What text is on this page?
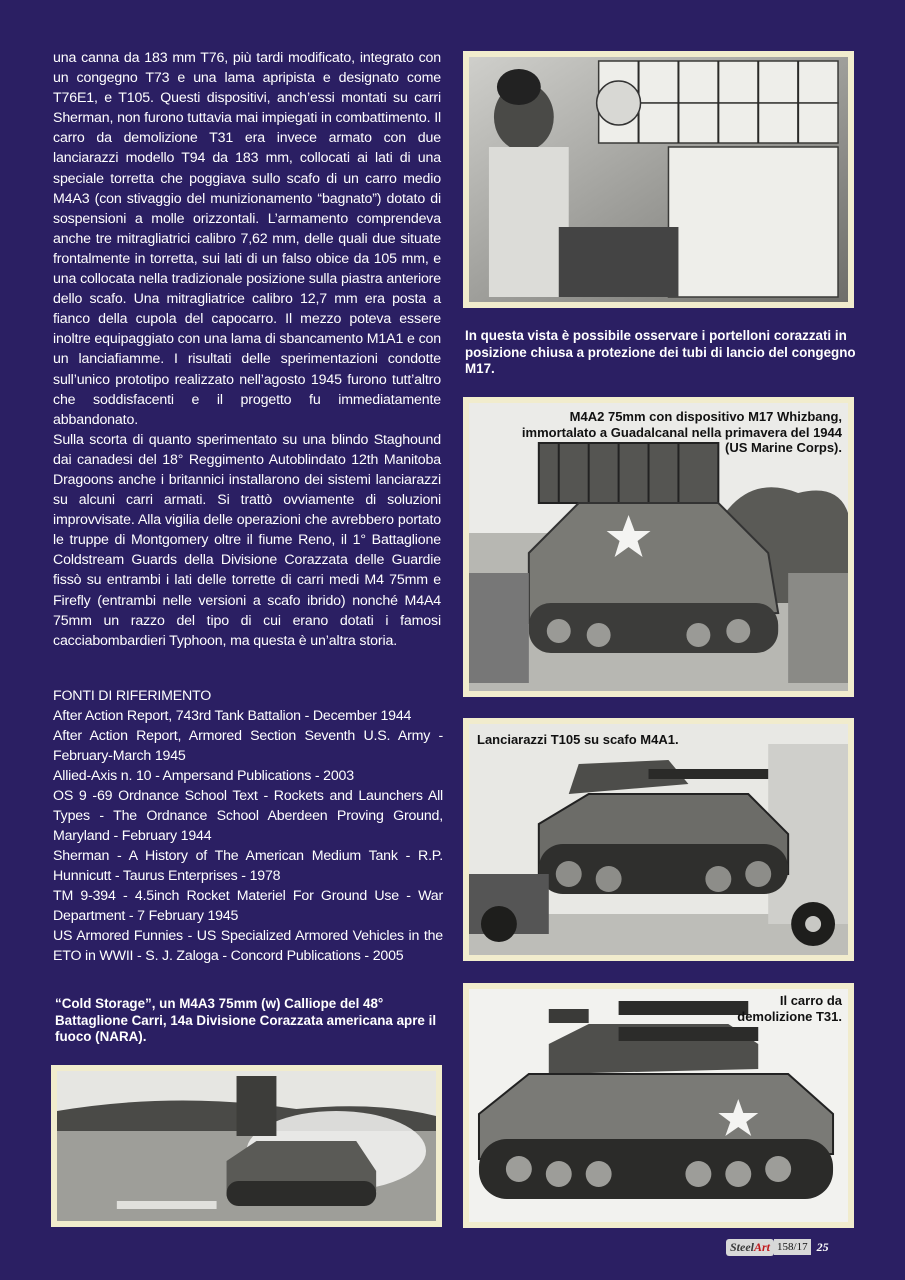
una canna da 183 mm T76, più tardi modificato, integrato con un congegno T73 e una lama apripista e designato come T76E1, e T105. Questi dispositivi, anch’essi montati su carri Sherman, non furono tuttavia mai impiegati in combattimento. Il carro da demolizione T31 era invece armato con due lanciarazzi modello T94 da 183 mm, collocati ai lati di una speciale torretta che poggiava sullo scafo di un carro medio M4A3 (con stivaggio del munizionamento “bagnato”) dotato di sospensioni a molle orizzontali. L’armamento comprendeva anche tre mitragliatrici calibro 7,62 mm, delle quali due situate frontalmente in torretta, sui lati di un falso obice da 105 mm, e una collocata nella tradizionale posizione sulla piastra anteriore dello scafo. Una mitragliatrice calibro 12,7 mm era posta a fianco della cupola del capocarro. Il mezzo poteva essere inoltre equipaggiato con una lama di sbancamento M1A1 e con un lanciafiamme. I risultati delle sperimentazioni condotte sull’unico prototipo realizzato nell’agosto 1945 furono tutt’altro che soddisfacenti e il progetto fu immediatamente abbandonato.

Sulla scorta di quanto sperimentato su una blindo Staghound dai canadesi del 18° Reggimento Autoblindato 12th Manitoba Dragoons anche i britannici installarono dei sistemi lanciarazzi su alcuni carri armati. Si trattò ovviamente di soluzioni improvvisate. Alla vigilia delle operazioni che avrebbero portato le truppe di Montgomery oltre il fiume Reno, il 1° Battaglione Coldstream Guards della Divisione Corazzata delle Guardie fissò su entrambi i lati delle torrette di carri medi M4 75mm e Firefly (entrambi nelle versioni a scafo ibrido) nonché M4A4 75mm un razzo del tipo di cui erano dotati i famosi cacciabombardieri Typhoon, ma questa è un’altra storia.

FONTI DI RIFERIMENTO

After Action Report, 743rd Tank Battalion - December 1944
After Action Report, Armored Section Seventh U.S. Army - February-March 1945
Allied-Axis n. 10 - Ampersand Publications - 2003
OS 9 -69 Ordnance School Text - Rockets and Launchers All Types - The Ordnance School Aberdeen Proving Ground, Maryland - February 1944
Sherman - A History of The American Medium Tank - R.P. Hunnicutt - Taurus Enterprises - 1978
TM 9-394 - 4.5inch Rocket Materiel For Ground Use - War Department - 7 February 1945
US Armored Funnies - US Specialized Armored Vehicles in the ETO in WWII - S. J. Zaloga - Concord Publications - 2005
In questa vista è possibile osservare i portelloni corazzati in posizione chiusa a protezione dei tubi di lancio del congegno M17.
M4A2 75mm con dispositivo M17 Whizbang, immortalato a Guadalcanal nella primavera del 1944 (US Marine Corps).
Lanciarazzi T105 su scafo M4A1.
Il carro da demolizione T31.
“Cold Storage”, un M4A3 75mm (w) Calliope del 48° Battaglione Carri, 14a Divisione Corazzata americana apre il fuoco (NARA).
Steel Art 158/17 25
